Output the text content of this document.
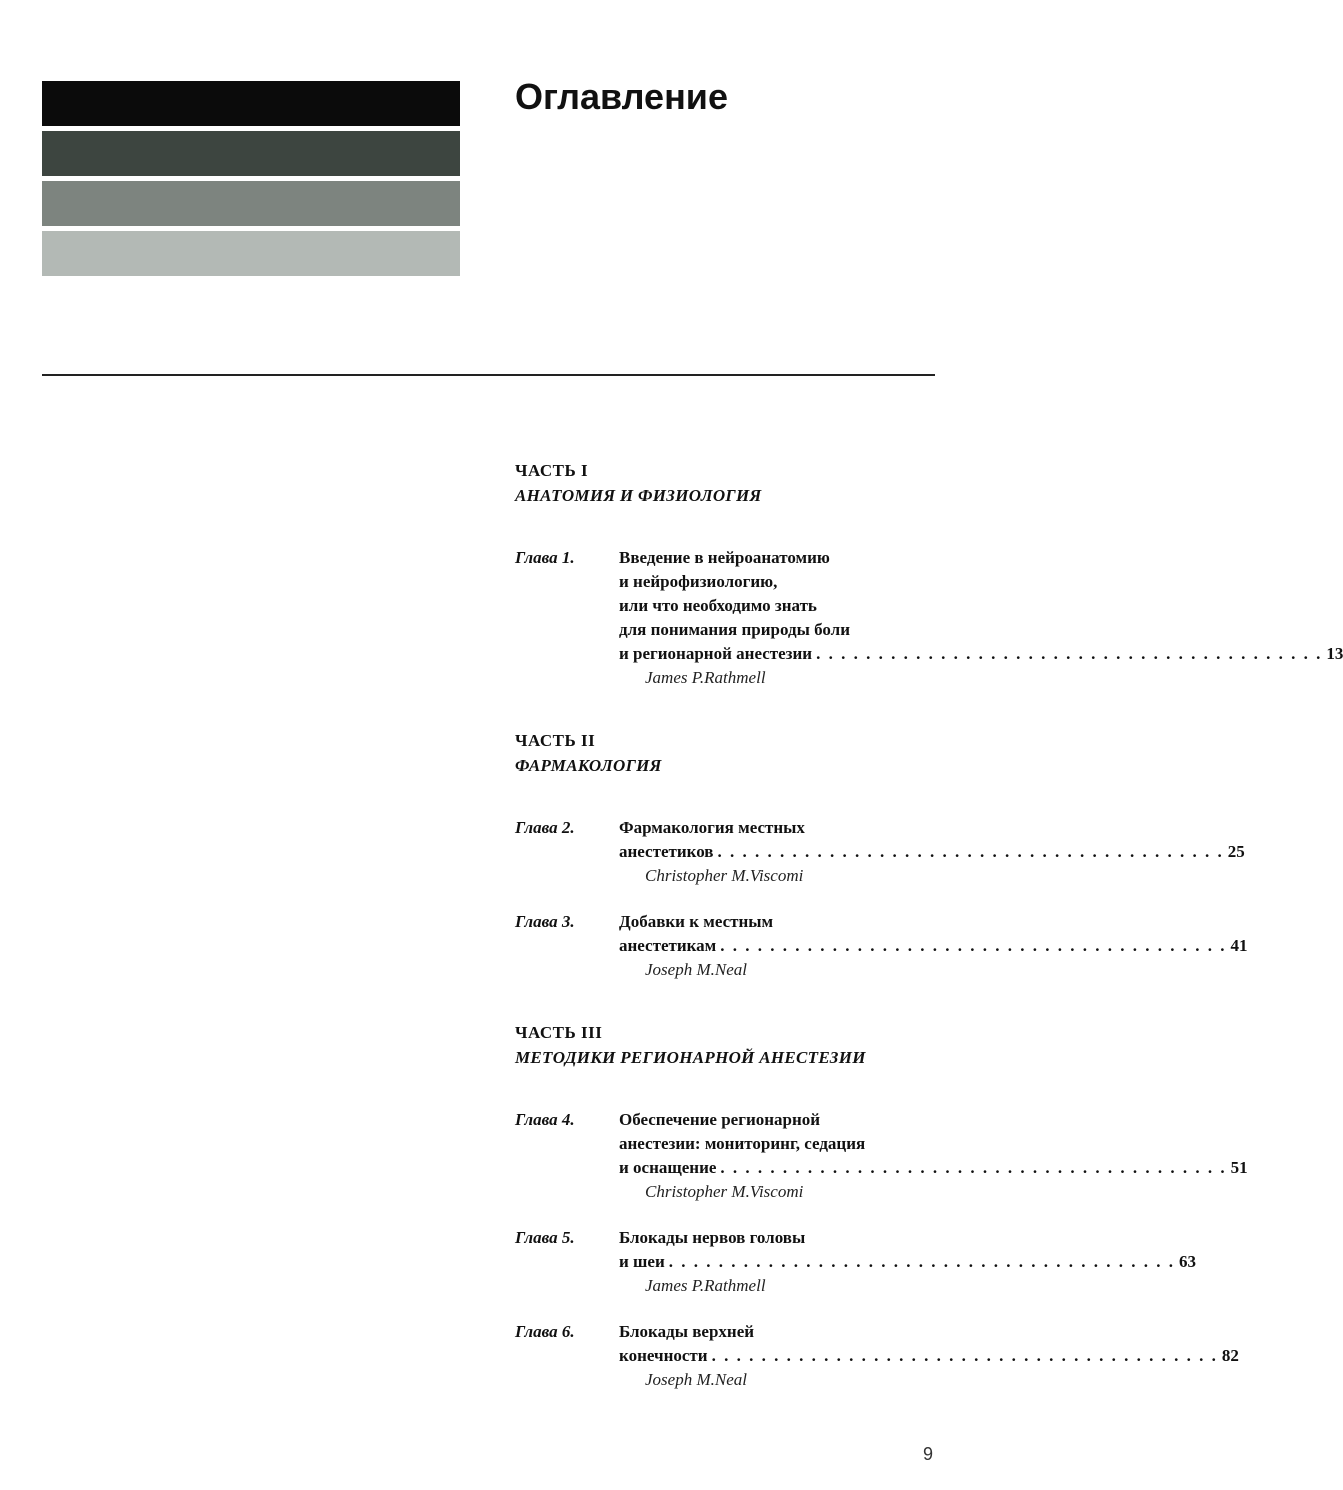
Оглавление
ЧАСТЬ I
АНАТОМИЯ И ФИЗИОЛОГИЯ
Глава 1.	Введение в нейроанатомию
и нейрофизиологию,
или что необходимо знать
для понимания природы боли
и регионарной анестезии . . .	13
James P.Rathmell
ЧАСТЬ II
ФАРМАКОЛОГИЯ
Глава 2.	Фармакология местных
анестетиков . . .	25
Christopher M.Viscomi
Глава 3.	Добавки к местным
анестетикам . . .	41
Joseph M.Neal
ЧАСТЬ III
МЕТОДИКИ РЕГИОНАРНОЙ АНЕСТЕЗИИ
Глава 4.	Обеспечение регионарной
анестезии: мониторинг, седация
и оснащение . . .	51
Christopher M.Viscomi
Глава 5.	Блокады нервов головы
и шеи . . .	63
James P.Rathmell
Глава 6.	Блокады верхней
конечности . . .	82
Joseph M.Neal
9
